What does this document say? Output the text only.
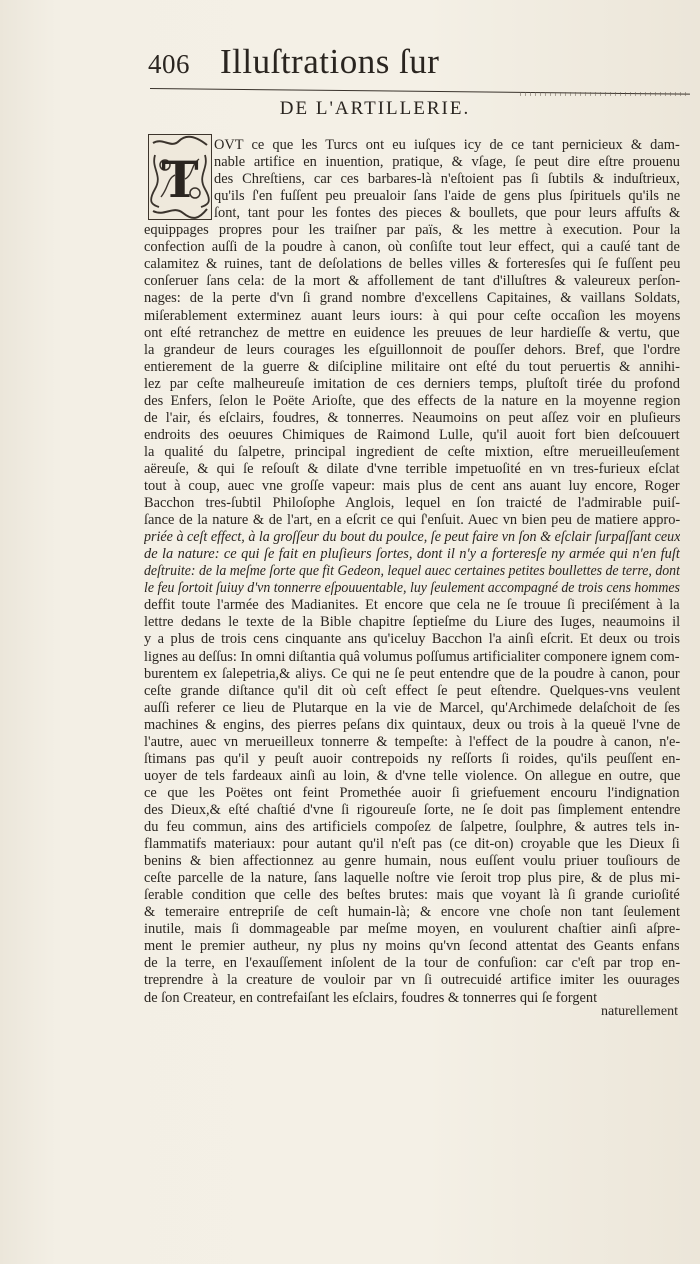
406 Illuſtrations ſur
DE L'ARTILLERIE.
T
OVT ce que les Turcs ont eu iuſques icy de ce tant pernicieux & dam-
nable artifice en inuention, pratique, & vſage, ſe peut dire eſtre prouenu
des Chreſtiens, car ces barbares-là n'eſtoient pas ſi ſubtils & induſtrieux,
qu'ils ſ'en fuſſent peu preualoir ſans l'aide de gens plus ſpirituels qu'ils ne
ſont, tant pour les fontes des pieces & boullets, que pour leurs affuſts &
equippages propres pour les traiſner par païs, & les mettre à execution. Pour la
confection auſſi de la poudre à canon, où conſiſte tout leur effect, qui a cauſé tant de
calamitez & ruines, tant de deſolations de belles villes & forteresſes qui ſe fuſſent peu
conſeruer ſans cela: de la mort & affollement de tant d'illuſtres & valeureux perſon-
nages: de la perte d'vn ſi grand nombre d'excellens Capitaines, & vaillans Soldats,
miſerablement exterminez auant leurs iours: à qui pour ceſte occaſion les moyens
ont eſté retranchez de mettre en euidence les preuues de leur hardieſſe & vertu, que
la grandeur de leurs courages les eſguillonnoit de pouſſer dehors. Bref, que l'ordre
entierement de la guerre & diſcipline militaire ont eſté du tout peruertis & annihi-
lez par ceſte malheureuſe imitation de ces derniers temps, pluſtoſt tirée du profond
des Enfers, ſelon le Poëte Arioſte, que des effects de la nature en la moyenne region
de l'air, és eſclairs, foudres, & tonnerres. Neaumoins on peut aſſez voir en pluſieurs
endroits des oeuures Chimiques de Raimond Lulle, qu'il auoit fort bien deſcouuert
la qualité du ſalpetre, principal ingredient de ceſte mixtion, eſtre merueilleuſement
aëreuſe, & qui ſe reſouſt & dilate d'vne terrible impetuoſité en vn tres-furieux eſclat
tout à coup, auec vne groſſe vapeur: mais plus de cent ans auant luy encore, Roger
Bacchon tres-ſubtil Philoſophe Anglois, lequel en ſon traicté de l'admirable puiſ-
ſance de la nature & de l'art, en a eſcrit ce qui ſ'enſuit. Auec vn bien peu de matiere appro-
priée à ceſt effect, à la groſſeur du bout du poulce, ſe peut faire vn ſon & eſclair ſurpaſſant ceux
de la nature: ce qui ſe fait en pluſieurs ſortes, dont il n'y a forteresſe ny armée qui n'en fuſt
deſtruite: de la meſme ſorte que fit Gedeon, lequel auec certaines petites boullettes de terre, dont
le feu ſortoit ſuiuy d'vn tonnerre eſpouuentable, luy ſeulement accompagné de trois cens hommes
deffit toute l'armée des Madianites. Et encore que cela ne ſe trouue ſi preciſément à la
lettre dedans le texte de la Bible chapitre ſeptieſme du Liure des Iuges, neaumoins il
y a plus de trois cens cinquante ans qu'iceluy Bacchon l'a ainſi eſcrit. Et deux ou trois
lignes au deſſus: In omni diſtantia quâ volumus poſſumus artificialiter componere ignem com-
burentem ex ſalepetria,& aliys. Ce qui ne ſe peut entendre que de la poudre à canon, pour
ceſte grande diſtance qu'il dit où ceſt effect ſe peut eſtendre. Quelques-vns veulent
auſſi referer ce lieu de Plutarque en la vie de Marcel, qu'Archimede delaſchoit de ſes
machines & engins, des pierres peſans dix quintaux, deux ou trois à la queuë l'vne de
l'autre, auec vn merueilleux tonnerre & tempeſte: à l'effect de la poudre à canon, n'e-
ſtimans pas qu'il y peuſt auoir contrepoids ny reſſorts ſi roides, qu'ils peuſſent en-
uoyer de tels fardeaux ainſi au loin, & d'vne telle violence. On allegue en outre, que
ce que les Poëtes ont feint Promethée auoir ſi griefuement encouru l'indignation
des Dieux,& eſté chaſtié d'vne ſi rigoureuſe ſorte, ne ſe doit pas ſimplement entendre
du feu commun, ains des artificiels compoſez de ſalpetre, ſoulphre, & autres tels in-
flammatifs materiaux: pour autant qu'il n'eſt pas (ce dit-on) croyable que les Dieux ſi
benins & bien affectionnez au genre humain, nous euſſent voulu priuer touſiours de
ceſte parcelle de la nature, ſans laquelle noſtre vie ſeroit trop plus pire, & de plus mi-
ſerable condition que celle des beſtes brutes: mais que voyant là ſi grande curioſité
& temeraire entrepriſe de ceſt humain-là; & encore vne choſe non tant ſeulement
inutile, mais ſi dommageable par meſme moyen, en voulurent chaſtier ainſi aſpre-
ment le premier autheur, ny plus ny moins qu'vn ſecond attentat des Geants enfans
de la terre, en l'exauſſement inſolent de la tour de confuſion: car c'eſt par trop en-
treprendre à la creature de vouloir par vn ſi outrecuidé artifice imiter les ouurages
de ſon Createur, en contrefaiſant les eſclairs, foudres & tonnerres qui ſe forgent
naturellement
